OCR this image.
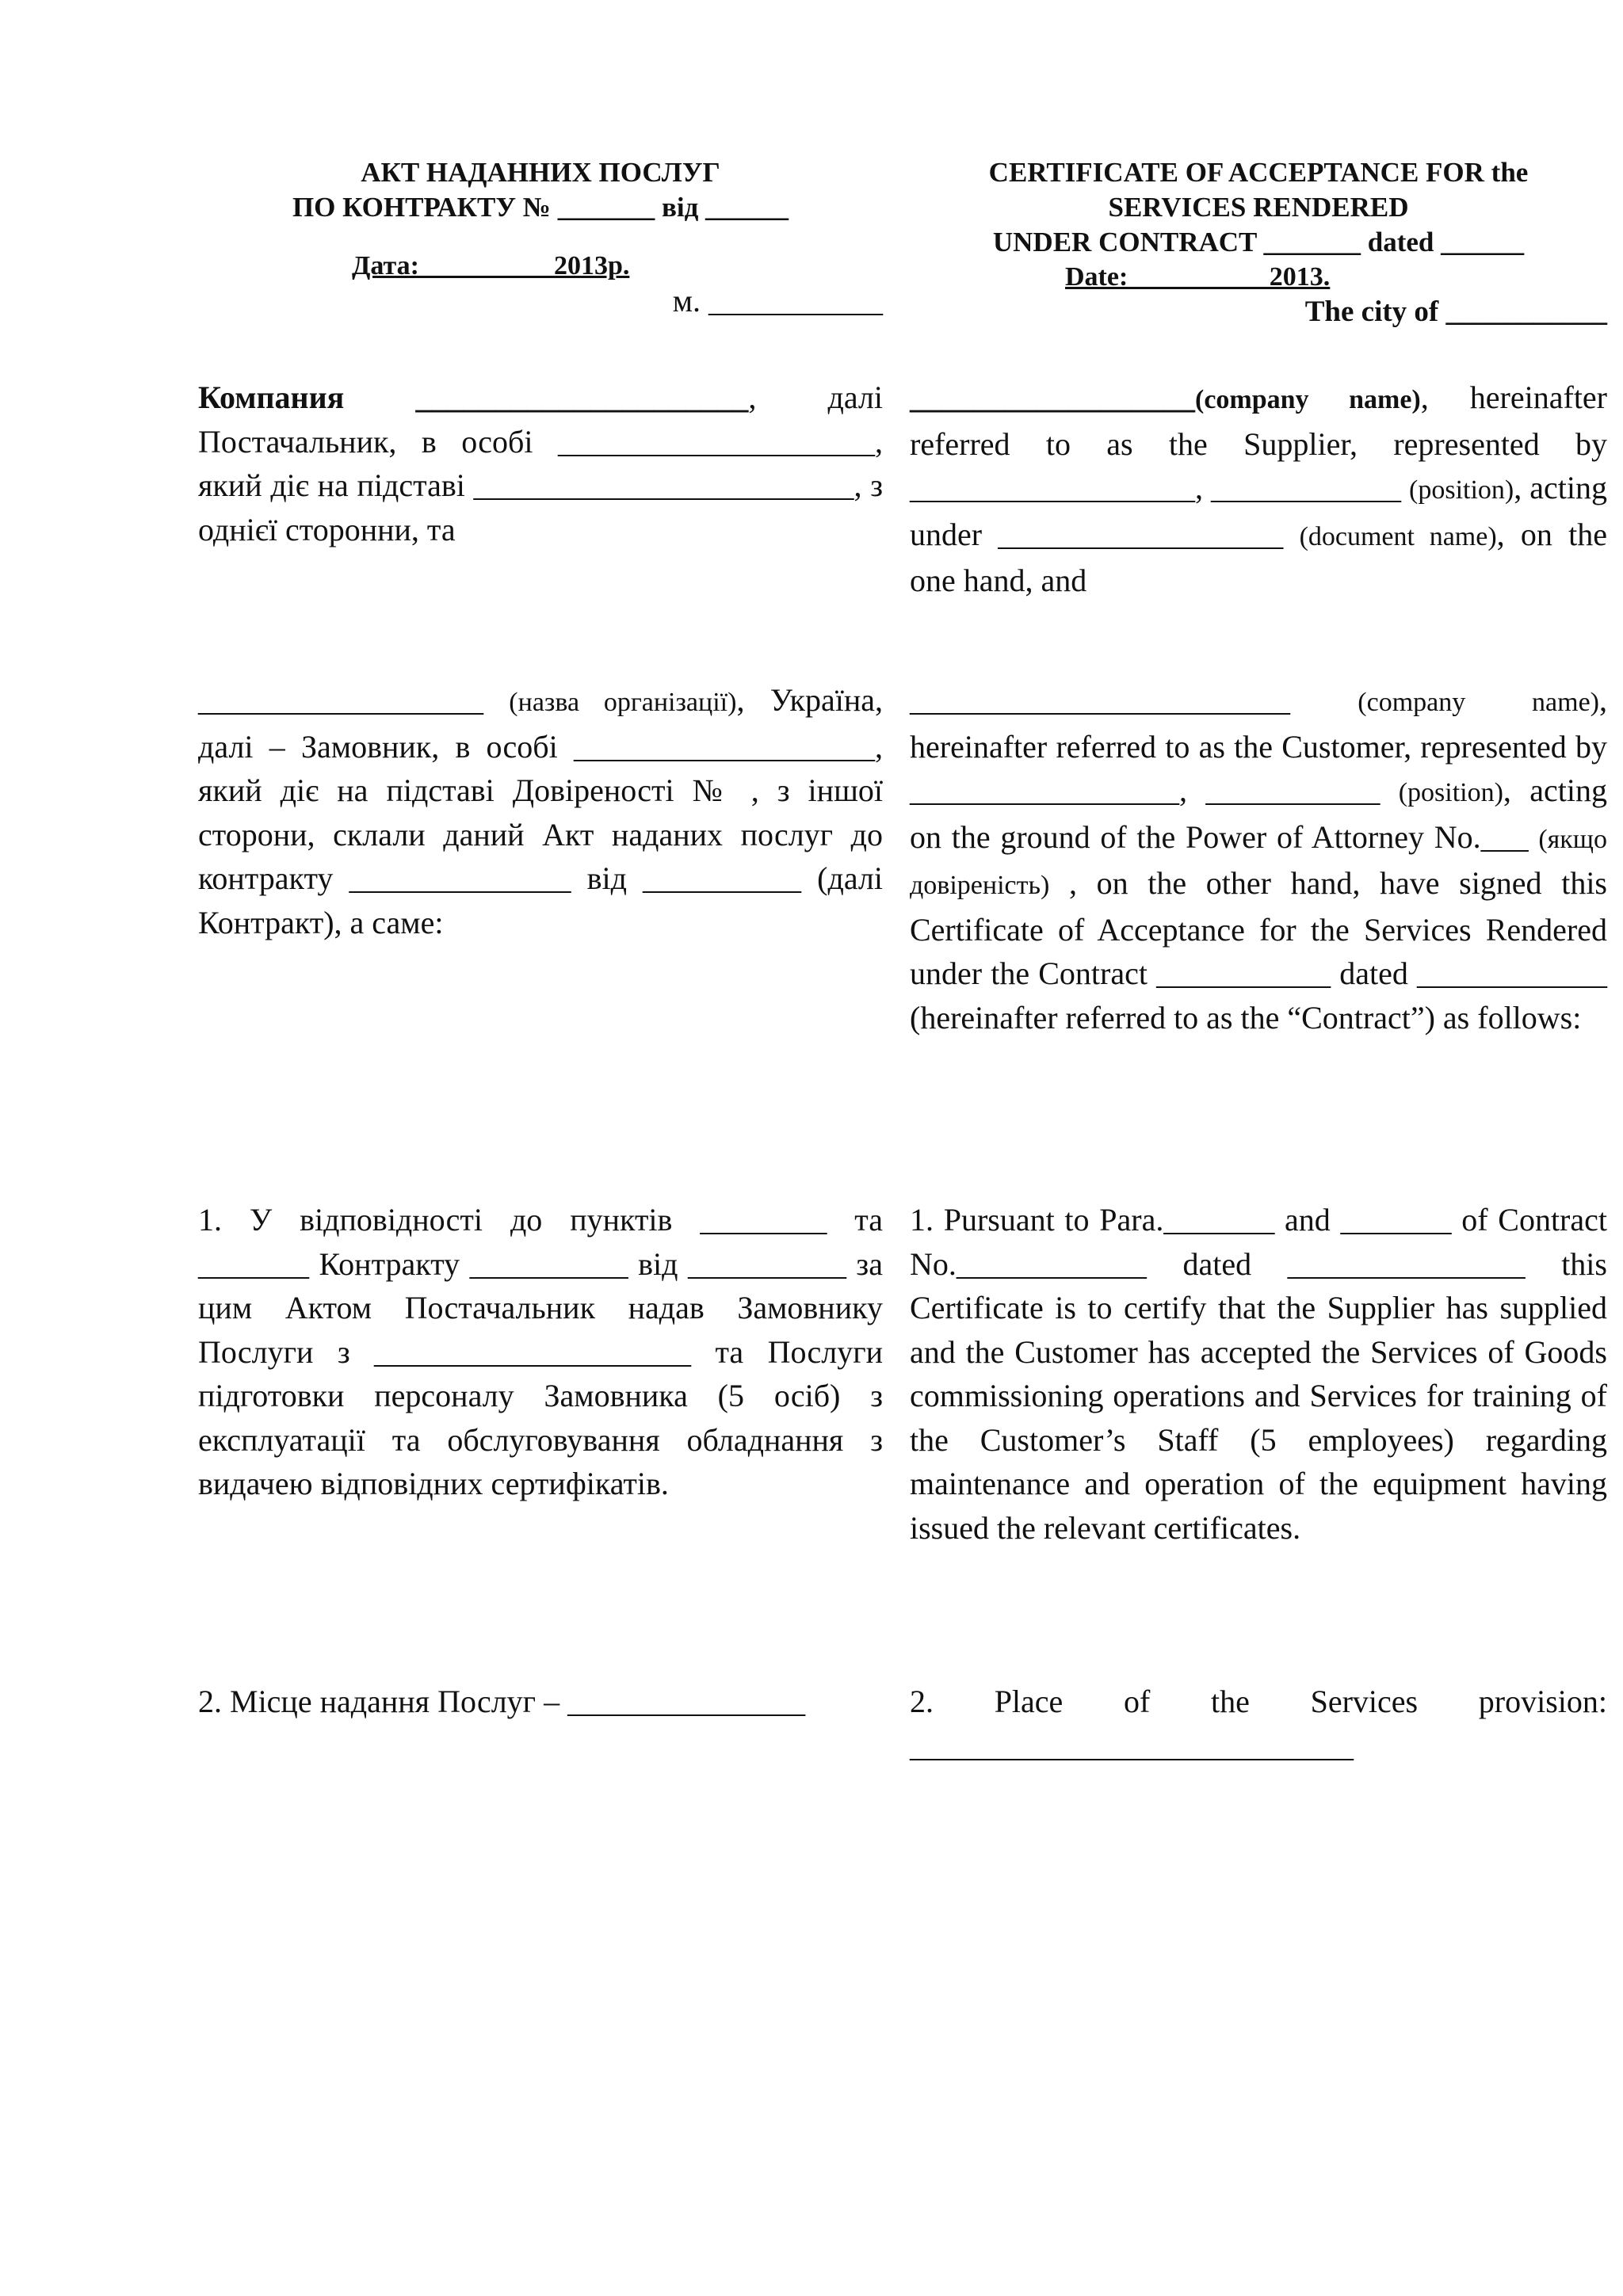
АКТ НАДАННИХ ПОСЛУГ
ПО КОНТРАКТУ № _______ від ______
Дата:                    2013р.
м. ___________

Компания _____________________, далі Постачальник, в особі ____________________, який діє на підставі ________________________, з однієї сторонни, та

__________________ (назва організації), Україна, далі – Замовник, в особі ___________________, який діє на підставі Довіреності № , з іншої сторони, склали даний Акт наданих послуг до контракту ______________ від __________ (далі Контракт), а саме:

1. У відповідності до пунктів ________ та _______ Контракту __________ від __________ за цим Актом Постачальник надав Замовнику Послуги з ____________________ та Послуги підготовки персоналу Замовника (5 осіб) з експлуатації та обслуговування обладнання з видачею відповідних сертифікатів.

2. Місце надання Послуг – _______________

CERTIFICATE OF ACCEPTANCE FOR the
SERVICES RENDERED
UNDER CONTRACT _______ dated ______
Date:                     2013.
The city of ___________

__________________(company name), hereinafter referred to as the Supplier, represented by __________________, ____________ (position), acting under __________________ (document name), on the one hand, and

________________________	(company name), hereinafter referred to as the Customer, represented by _________________, ___________ (position), acting on the ground of the Power of Attorney No.___ (якщо довіреність) , on the other hand, have signed this Certificate of Acceptance for the Services Rendered under the Contract ___________ dated ____________ (hereinafter referred to as the “Contract”) as follows:

1. Pursuant to Para._______ and _______ of Contract No.____________ dated _______________ this Certificate is to certify that the Supplier has supplied and the Customer has accepted the Services of Goods commissioning operations and Services for training of the Customer’s Staff (5 employees) regarding maintenance and operation of the equipment having issued the relevant certificates.

2. Place of the Services provision: ____________________________
